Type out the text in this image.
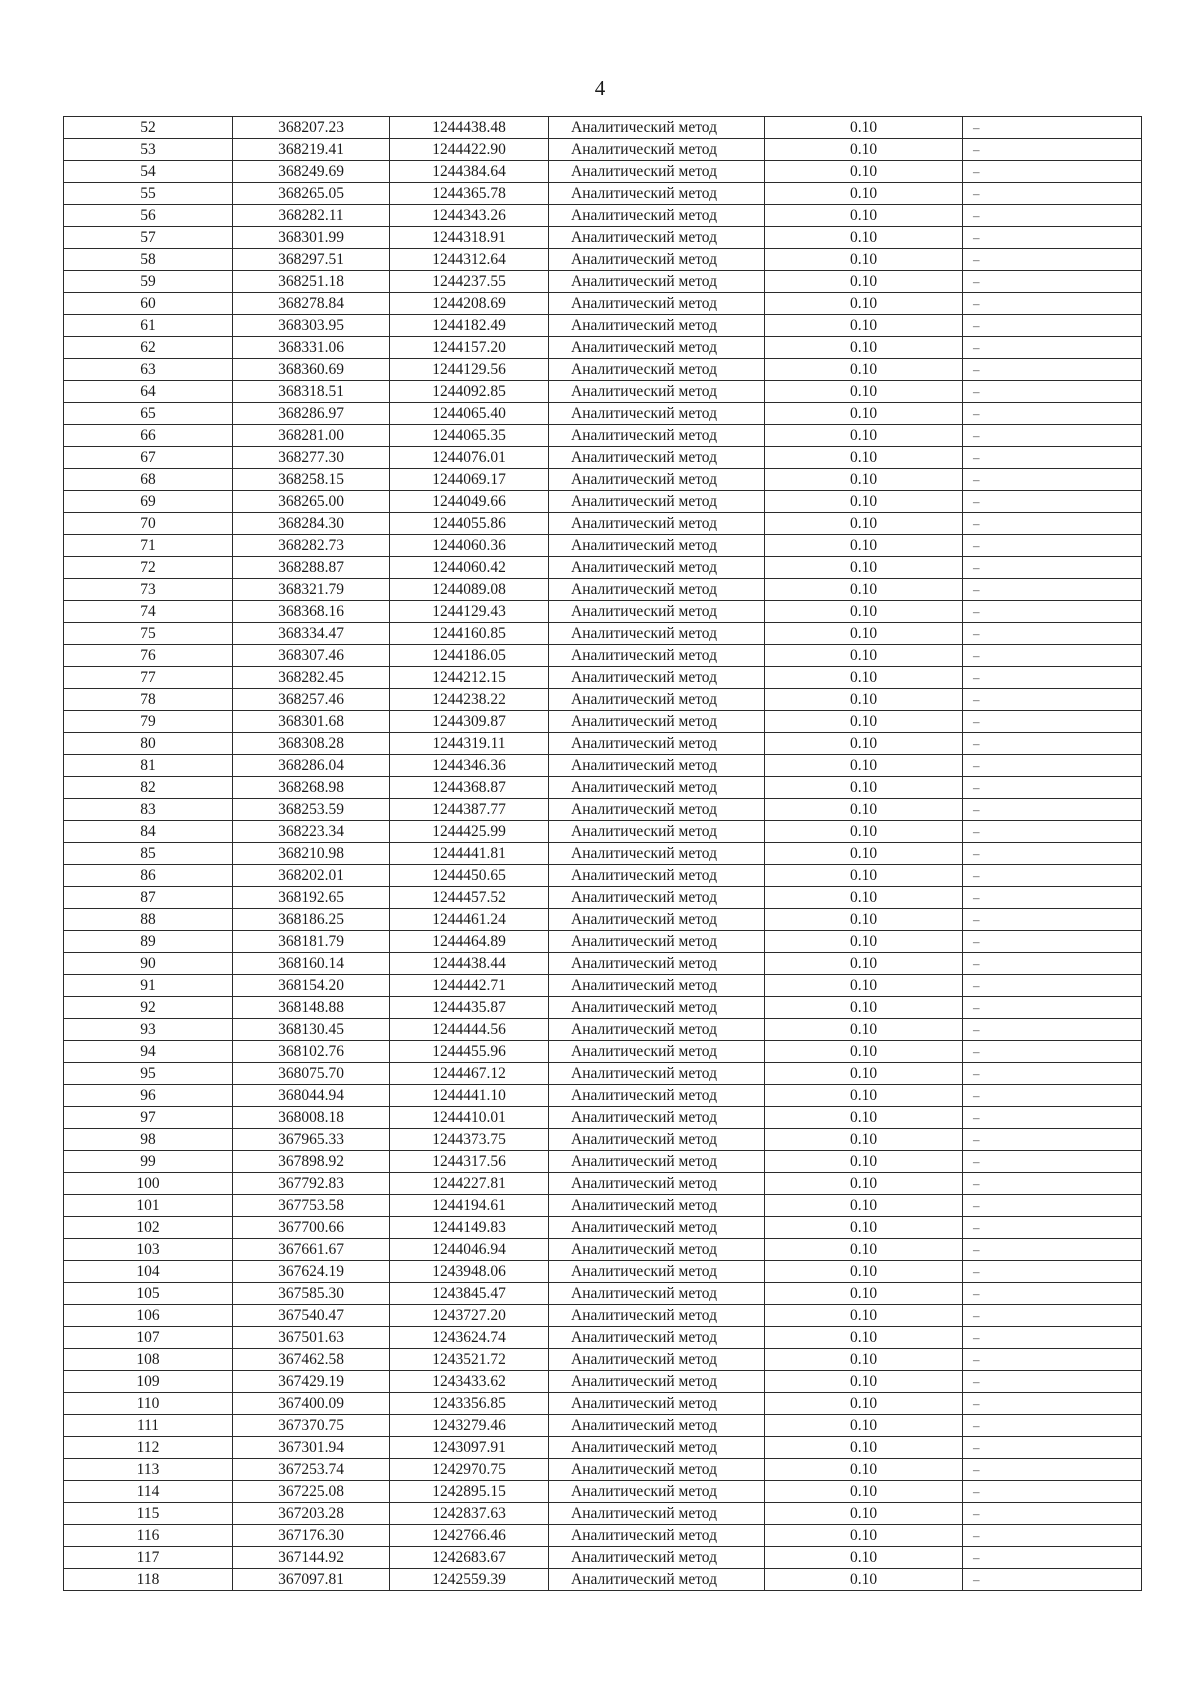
4
52	368207.23	1244438.48	Аналитический метод	0.10	–
53	368219.41	1244422.90	Аналитический метод	0.10	–
54	368249.69	1244384.64	Аналитический метод	0.10	–
55	368265.05	1244365.78	Аналитический метод	0.10	–
56	368282.11	1244343.26	Аналитический метод	0.10	–
57	368301.99	1244318.91	Аналитический метод	0.10	–
58	368297.51	1244312.64	Аналитический метод	0.10	–
59	368251.18	1244237.55	Аналитический метод	0.10	–
60	368278.84	1244208.69	Аналитический метод	0.10	–
61	368303.95	1244182.49	Аналитический метод	0.10	–
62	368331.06	1244157.20	Аналитический метод	0.10	–
63	368360.69	1244129.56	Аналитический метод	0.10	–
64	368318.51	1244092.85	Аналитический метод	0.10	–
65	368286.97	1244065.40	Аналитический метод	0.10	–
66	368281.00	1244065.35	Аналитический метод	0.10	–
67	368277.30	1244076.01	Аналитический метод	0.10	–
68	368258.15	1244069.17	Аналитический метод	0.10	–
69	368265.00	1244049.66	Аналитический метод	0.10	–
70	368284.30	1244055.86	Аналитический метод	0.10	–
71	368282.73	1244060.36	Аналитический метод	0.10	–
72	368288.87	1244060.42	Аналитический метод	0.10	–
73	368321.79	1244089.08	Аналитический метод	0.10	–
74	368368.16	1244129.43	Аналитический метод	0.10	–
75	368334.47	1244160.85	Аналитический метод	0.10	–
76	368307.46	1244186.05	Аналитический метод	0.10	–
77	368282.45	1244212.15	Аналитический метод	0.10	–
78	368257.46	1244238.22	Аналитический метод	0.10	–
79	368301.68	1244309.87	Аналитический метод	0.10	–
80	368308.28	1244319.11	Аналитический метод	0.10	–
81	368286.04	1244346.36	Аналитический метод	0.10	–
82	368268.98	1244368.87	Аналитический метод	0.10	–
83	368253.59	1244387.77	Аналитический метод	0.10	–
84	368223.34	1244425.99	Аналитический метод	0.10	–
85	368210.98	1244441.81	Аналитический метод	0.10	–
86	368202.01	1244450.65	Аналитический метод	0.10	–
87	368192.65	1244457.52	Аналитический метод	0.10	–
88	368186.25	1244461.24	Аналитический метод	0.10	–
89	368181.79	1244464.89	Аналитический метод	0.10	–
90	368160.14	1244438.44	Аналитический метод	0.10	–
91	368154.20	1244442.71	Аналитический метод	0.10	–
92	368148.88	1244435.87	Аналитический метод	0.10	–
93	368130.45	1244444.56	Аналитический метод	0.10	–
94	368102.76	1244455.96	Аналитический метод	0.10	–
95	368075.70	1244467.12	Аналитический метод	0.10	–
96	368044.94	1244441.10	Аналитический метод	0.10	–
97	368008.18	1244410.01	Аналитический метод	0.10	–
98	367965.33	1244373.75	Аналитический метод	0.10	–
99	367898.92	1244317.56	Аналитический метод	0.10	–
100	367792.83	1244227.81	Аналитический метод	0.10	–
101	367753.58	1244194.61	Аналитический метод	0.10	–
102	367700.66	1244149.83	Аналитический метод	0.10	–
103	367661.67	1244046.94	Аналитический метод	0.10	–
104	367624.19	1243948.06	Аналитический метод	0.10	–
105	367585.30	1243845.47	Аналитический метод	0.10	–
106	367540.47	1243727.20	Аналитический метод	0.10	–
107	367501.63	1243624.74	Аналитический метод	0.10	–
108	367462.58	1243521.72	Аналитический метод	0.10	–
109	367429.19	1243433.62	Аналитический метод	0.10	–
110	367400.09	1243356.85	Аналитический метод	0.10	–
111	367370.75	1243279.46	Аналитический метод	0.10	–
112	367301.94	1243097.91	Аналитический метод	0.10	–
113	367253.74	1242970.75	Аналитический метод	0.10	–
114	367225.08	1242895.15	Аналитический метод	0.10	–
115	367203.28	1242837.63	Аналитический метод	0.10	–
116	367176.30	1242766.46	Аналитический метод	0.10	–
117	367144.92	1242683.67	Аналитический метод	0.10	–
118	367097.81	1242559.39	Аналитический метод	0.10	–
